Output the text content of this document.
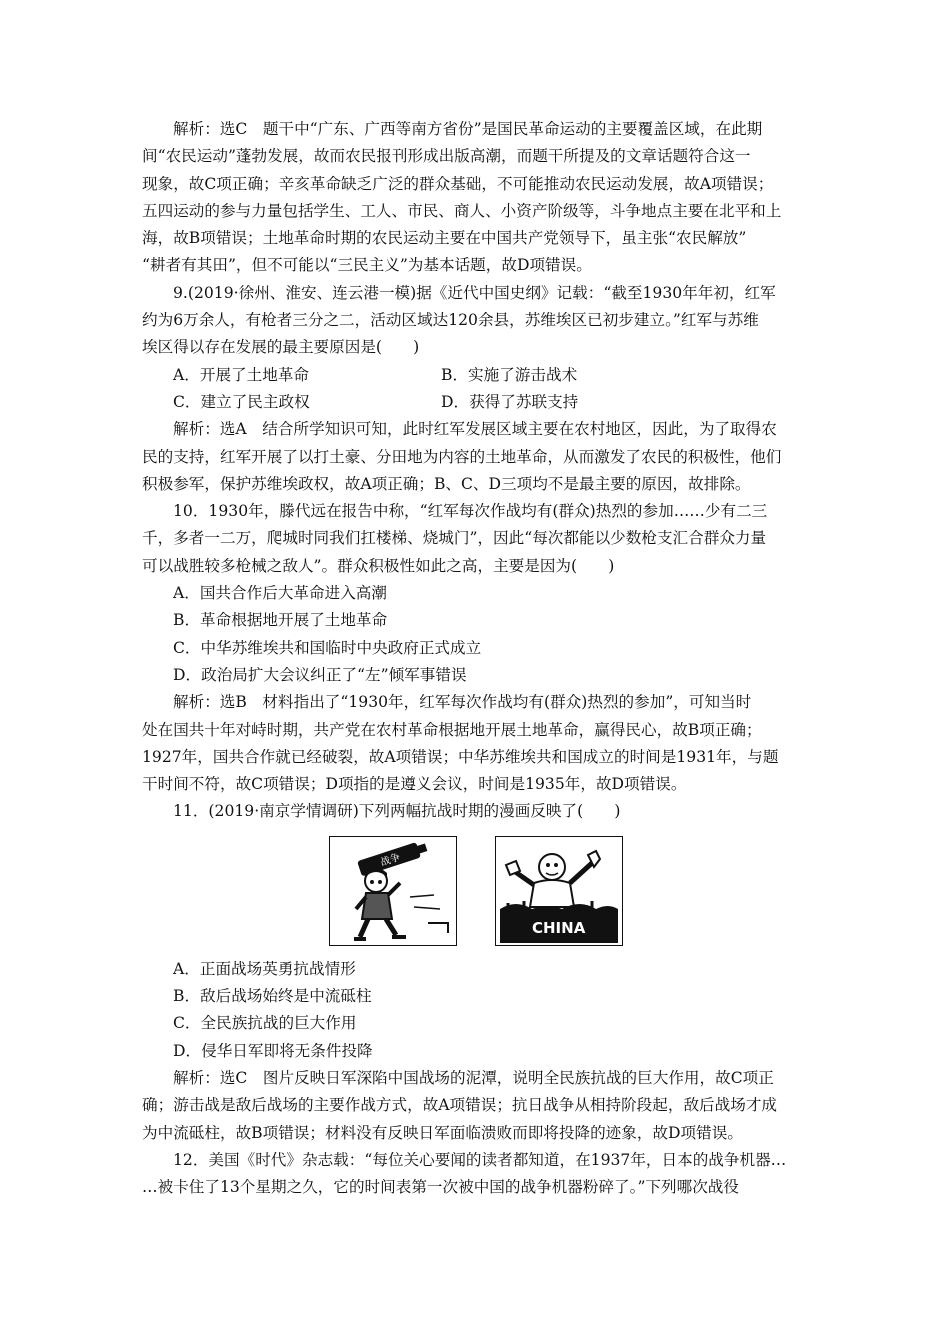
解析：选C　题干中“广东、广西等南方省份”是国民革命运动的主要覆盖区域，在此期
间“农民运动”蓬勃发展，故而农民报刊形成出版高潮，而题干所提及的文章话题符合这一
现象，故C项正确；辛亥革命缺乏广泛的群众基础，不可能推动农民运动发展，故A项错误；
五四运动的参与力量包括学生、工人、市民、商人、小资产阶级等，斗争地点主要在北平和上
海，故B项错误；土地革命时期的农民运动主要在中国共产党领导下，虽主张“农民解放”
“耕者有其田”，但不可能以“三民主义”为基本话题，故D项错误。
9.(2019·徐州、淮安、连云港一模)据《近代中国史纲》记载：“截至1930年年初，红军
约为6万余人，有枪者三分之二，活动区域达120余县，苏维埃区已初步建立。”红军与苏维
埃区得以存在发展的最主要原因是(　　)
A．开展了土地革命	B．实施了游击战术
C．建立了民主政权	D．获得了苏联支持
解析：选A　结合所学知识可知，此时红军发展区域主要在农村地区，因此，为了取得农
民的支持，红军开展了以打土豪、分田地为内容的土地革命，从而激发了农民的积极性，他们
积极参军，保护苏维埃政权，故A项正确；B、C、D三项均不是最主要的原因，故排除。
10．1930年，滕代远在报告中称，“红军每次作战均有(群众)热烈的参加……少有二三
千，多者一二万，爬城时同我们扛楼梯、烧城门”，因此“每次都能以少数枪支汇合群众力量
可以战胜较多枪械之敌人”。群众积极性如此之高，主要是因为(　　)
A．国共合作后大革命进入高潮
B．革命根据地开展了土地革命
C．中华苏维埃共和国临时中央政府正式成立
D．政治局扩大会议纠正了“左”倾军事错误
解析：选B　材料指出了“1930年，红军每次作战均有(群众)热烈的参加”，可知当时
处在国共十年对峙时期，共产党在农村革命根据地开展土地革命，赢得民心，故B项正确；
1927年，国共合作就已经破裂，故A项错误；中华苏维埃共和国成立的时间是1931年，与题
干时间不符，故C项错误；D项指的是遵义会议，时间是1935年，故D项错误。
11．(2019·南京学情调研)下列两幅抗战时期的漫画反映了(　　)
战争
CHINA
A．正面战场英勇抗战情形
B．敌后战场始终是中流砥柱
C．全民族抗战的巨大作用
D．侵华日军即将无条件投降
解析：选C　图片反映日军深陷中国战场的泥潭，说明全民族抗战的巨大作用，故C项正
确；游击战是敌后战场的主要作战方式，故A项错误；抗日战争从相持阶段起，敌后战场才成
为中流砥柱，故B项错误；材料没有反映日军面临溃败而即将投降的迹象，故D项错误。
12．美国《时代》杂志载：“每位关心要闻的读者都知道，在1937年，日本的战争机器…
…被卡住了13个星期之久，它的时间表第一次被中国的战争机器粉碎了。”下列哪次战役
